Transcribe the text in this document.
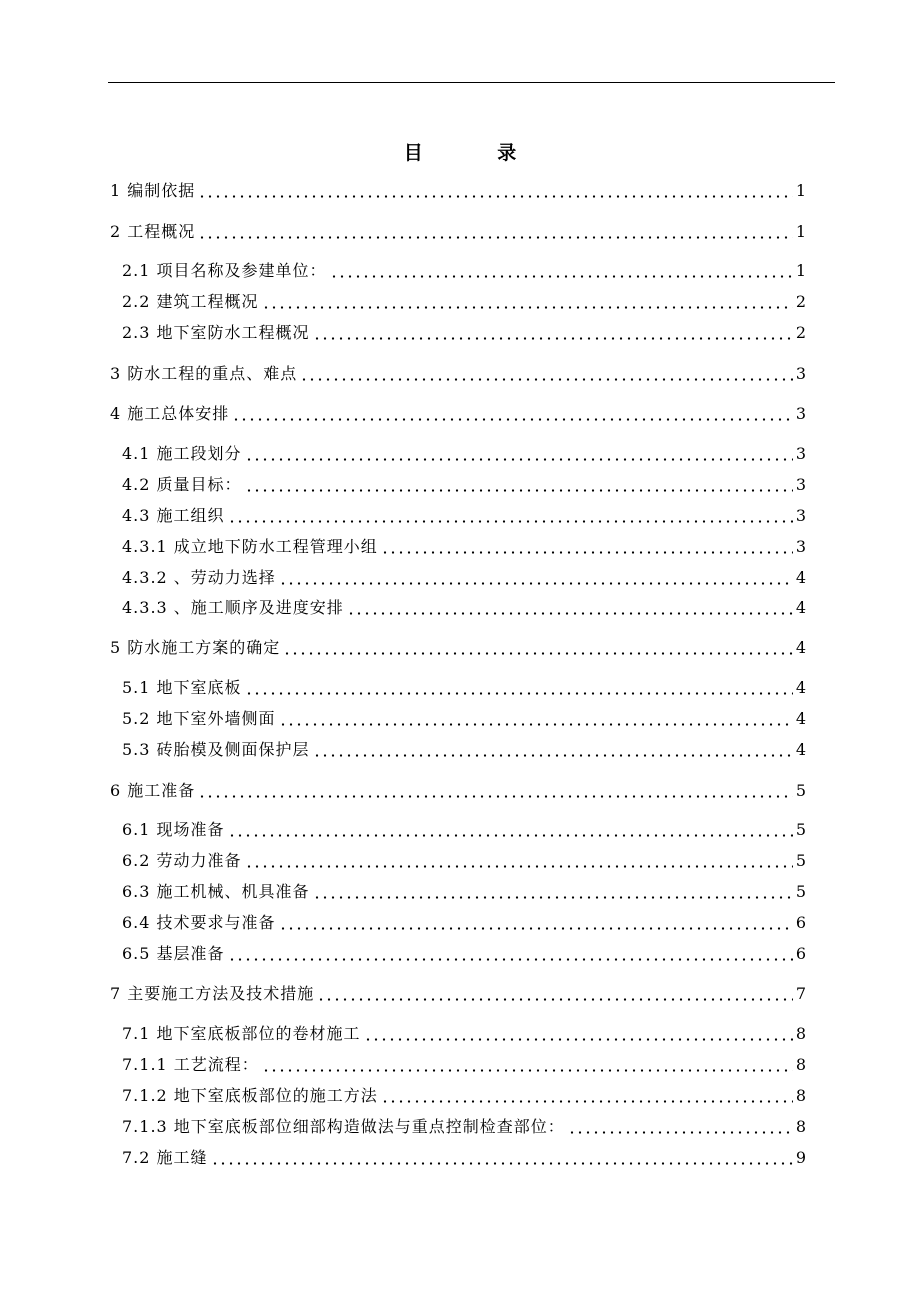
目 录
1 编制依据	1
2 工程概况	1
2.1 项目名称及参建单位：	1
2.2 建筑工程概况	2
2.3 地下室防水工程概况	2
3 防水工程的重点、难点	3
4 施工总体安排	3
4.1 施工段划分	3
4.2 质量目标：	3
4.3 施工组织	3
4.3.1 成立地下防水工程管理小组	3
4.3.2 、劳动力选择	4
4.3.3 、施工顺序及进度安排	4
5 防水施工方案的确定	4
5.1 地下室底板	4
5.2 地下室外墙侧面	4
5.3 砖胎模及侧面保护层	4
6 施工准备	5
6.1 现场准备	5
6.2 劳动力准备	5
6.3 施工机械、机具准备	5
6.4 技术要求与准备	6
6.5 基层准备	6
7 主要施工方法及技术措施	7
7.1 地下室底板部位的卷材施工	8
7.1.1 工艺流程：	8
7.1.2 地下室底板部位的施工方法	8
7.1.3 地下室底板部位细部构造做法与重点控制检查部位：	8
7.2 施工缝	9
